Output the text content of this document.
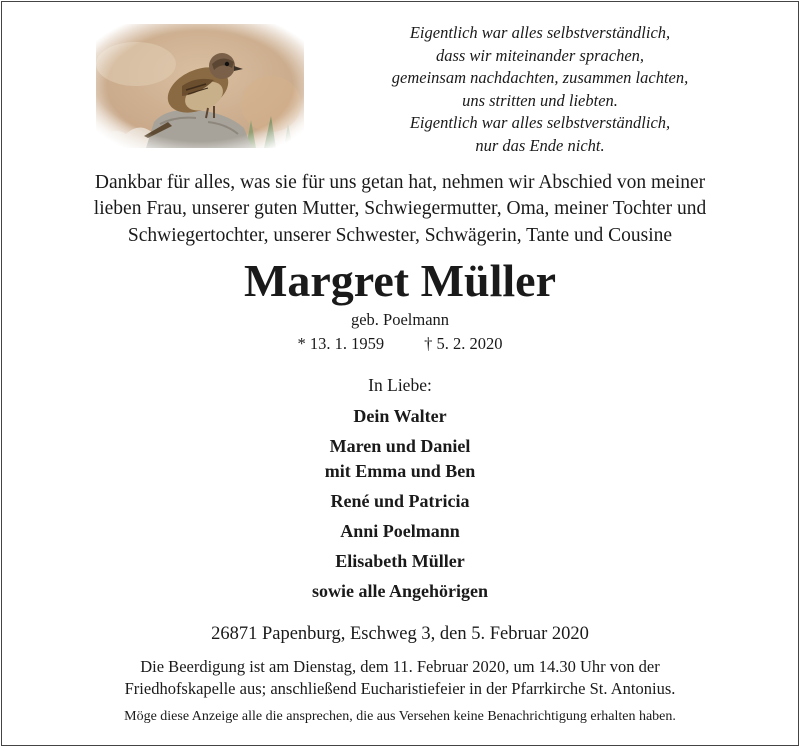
Eigentlich war alles selbstverständlich,
dass wir miteinander sprachen,
gemeinsam nachdachten, zusammen lachten,
uns stritten und liebten.
Eigentlich war alles selbstverständlich,
nur das Ende nicht.
Dankbar für alles, was sie für uns getan hat, nehmen wir Abschied von meiner
lieben Frau, unserer guten Mutter, Schwiegermutter, Oma, meiner Tochter und
Schwiegertochter, unserer Schwester, Schwägerin, Tante und Cousine
Margret Müller
geb. Poelmann
* 13. 1. 1959 † 5. 2. 2020
In Liebe:
Dein Walter
Maren und Daniel
mit Emma und Ben
René und Patricia
Anni Poelmann
Elisabeth Müller
sowie alle Angehörigen
26871 Papenburg, Eschweg 3, den 5. Februar 2020
Die Beerdigung ist am Dienstag, dem 11. Februar 2020, um 14.30 Uhr von der
Friedhofskapelle aus; anschließend Eucharistiefeier in der Pfarrkirche St. Antonius.
Möge diese Anzeige alle die ansprechen, die aus Versehen keine Benachrichtigung erhalten haben.
